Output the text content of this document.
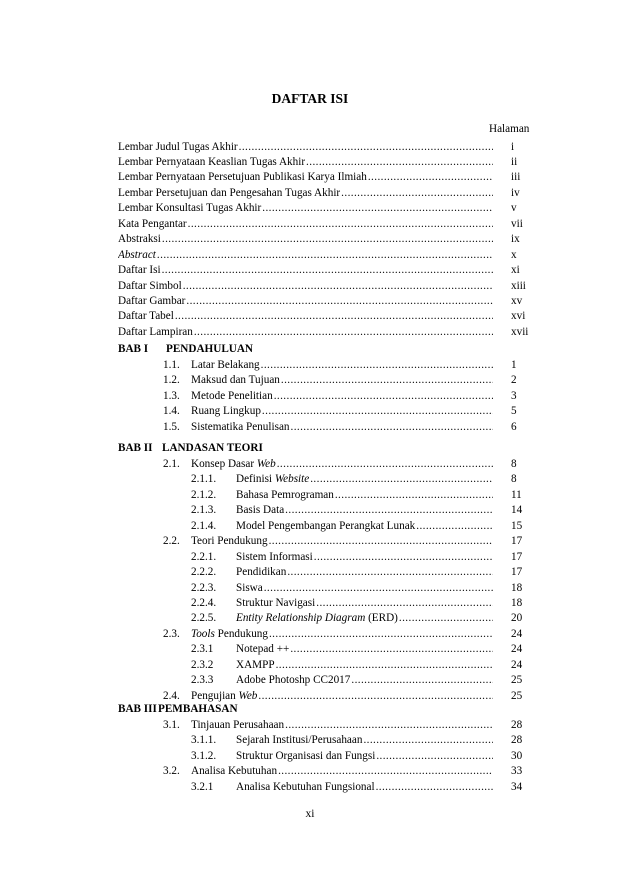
DAFTAR ISI
Halaman
Lembar Judul Tugas Akhir .....	i
Lembar Pernyataan Keaslian Tugas Akhir .....	ii
Lembar Pernyataan Persetujuan Publikasi Karya Ilmiah .....	iii
Lembar Persetujuan dan Pengesahan Tugas Akhir .....	iv
Lembar Konsultasi Tugas Akhir .....	v
Kata Pengantar .....	vii
Abstraksi .....	ix
Abstract .....	x
Daftar Isi .....	xi
Daftar Simbol .....	xiii
Daftar Gambar .....	xv
Daftar Tabel .....	xvi
Daftar Lampiran .....	xvii
BAB I PENDAHULUAN
1.1.	Latar Belakang .....	1
1.2.	Maksud dan Tujuan .....	2
1.3.	Metode Penelitian .....	3
1.4.	Ruang Lingkup .....	5
1.5.	Sistematika Penulisan .....	6
BAB II LANDASAN TEORI
2.1.	Konsep Dasar Web .....	8
2.1.1.	Definisi Website .....	8
2.1.2.	Bahasa Pemrograman .....	11
2.1.3.	Basis Data .....	14
2.1.4.	Model Pengembangan Perangkat Lunak .....	15
2.2.	Teori Pendukung .....	17
2.2.1.	Sistem Informasi .....	17
2.2.2.	Pendidikan .....	17
2.2.3.	Siswa .....	18
2.2.4.	Struktur Navigasi .....	18
2.2.5.	Entity Relationship Diagram (ERD) .....	20
2.3.	Tools Pendukung .....	24
2.3.1	Notepad ++ .....	24
2.3.2	XAMPP .....	24
2.3.3	Adobe Photoshp CC2017 .....	25
2.4.	Pengujian Web .....	25
BAB IIIPEMBAHASAN
3.1.	Tinjauan Perusahaan .....	28
3.1.1.	Sejarah Institusi/Perusahaan .....	28
3.1.2.	Struktur Organisasi dan Fungsi .....	30
3.2.	Analisa Kebutuhan .....	33
3.2.1	Analisa Kebutuhan Fungsional .....	34
xi
